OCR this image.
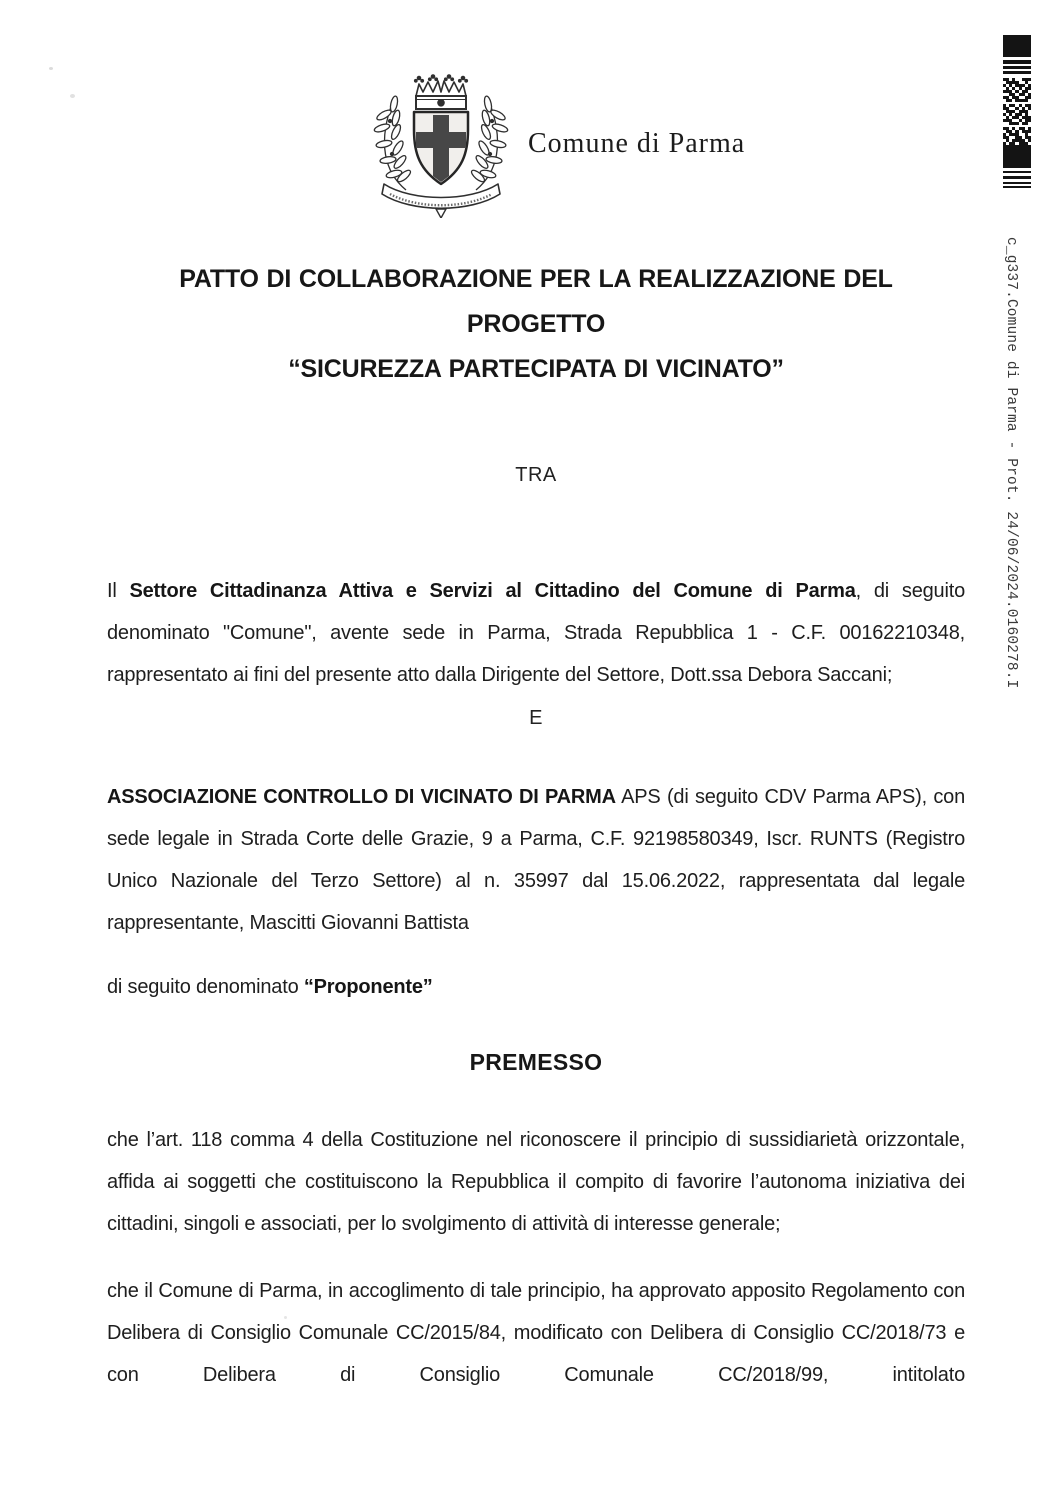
Comune di Parma
PATTO DI COLLABORAZIONE PER LA REALIZZAZIONE DEL PROGETTO
“SICUREZZA PARTECIPATA DI VICINATO”
TRA

Il Settore Cittadinanza Attiva e Servizi al Cittadino del Comune di Parma, di seguito denominato "Comune", avente sede in Parma, Strada Repubblica 1 - C.F. 00162210348, rappresentato ai fini del presente atto dalla Dirigente del Settore, Dott.ssa Debora Saccani;

E

ASSOCIAZIONE CONTROLLO DI VICINATO DI PARMA APS (di seguito CDV Parma APS), con sede legale in Strada Corte delle Grazie, 9 a Parma, C.F. 92198580349, Iscr. RUNTS (Registro Unico Nazionale del Terzo Settore) al n. 35997 dal 15.06.2022, rappresentata dal legale rappresentante, Mascitti Giovanni Battista

di seguito denominato “Proponente”

PREMESSO

che l’art. 118 comma 4 della Costituzione nel riconoscere il principio di sussidiarietà orizzontale, affida ai soggetti che costituiscono la Repubblica il compito di favorire l’autonoma iniziativa dei cittadini, singoli e associati, per lo svolgimento di attività di interesse generale;

che il Comune di Parma, in accoglimento di tale principio, ha approvato apposito Regolamento con Delibera di Consiglio Comunale CC/2015/84, modificato con Delibera di Consiglio CC/2018/73 e con Delibera di Consiglio Comunale CC/2018/99, intitolato

c_g337.Comune di Parma - Prot. 24/06/2024.0160278.I
